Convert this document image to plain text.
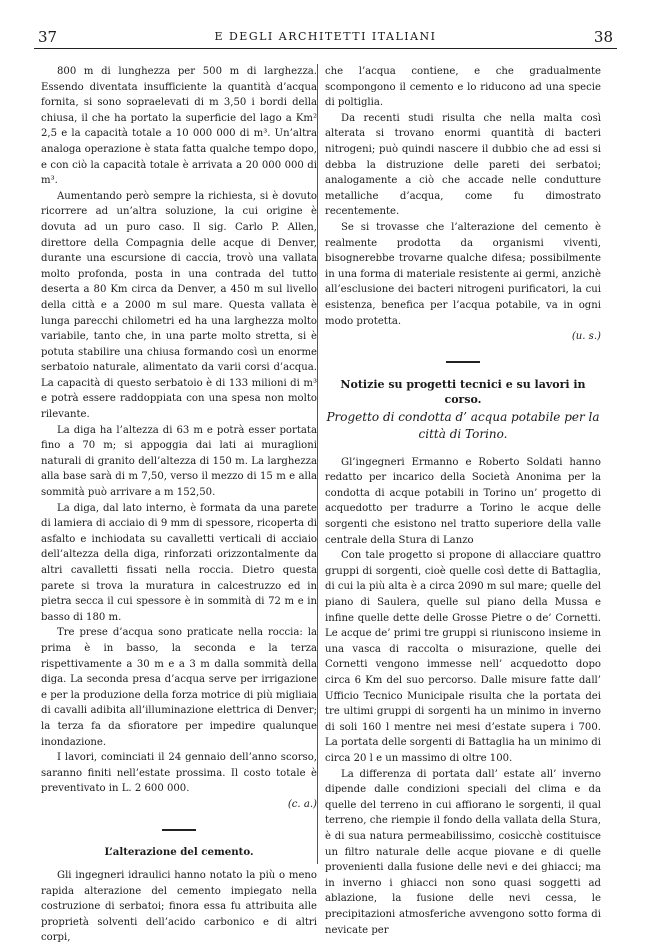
37	E DEGLI ARCHITETTI ITALIANI	38

800 m di lunghezza per 500 m di larghezza. Essendo diventata insufficiente la quantità d’acqua fornita, si sono sopraelevati di m 3,50 i bordi della chiusa, il che ha portato la superficie del lago a Km² 2,5 e la capacità totale a 10 000 000 di m³. Un’altra analoga operazione è stata fatta qualche tempo dopo, e con ciò la capacità totale è arrivata a 20 000 000 di m³.

Aumentando però sempre la richiesta, si è dovuto ricorrere ad un’altra soluzione, la cui origine è dovuta ad un puro caso. Il sig. Carlo P. Allen, direttore della Compagnia delle acque di Denver, durante una escursione di caccia, trovò una vallata molto profonda, posta in una contrada del tutto deserta a 80 Km circa da Denver, a 450 m sul livello della città e a 2000 m sul mare. Questa vallata è lunga parecchi chilometri ed ha una larghezza molto variabile, tanto che, in una parte molto stretta, si è potuta stabilire una chiusa formando così un enorme serbatoio naturale, alimentato da varii corsi d’acqua. La capacità di questo serbatoio è di 133 milioni di m³ e potrà essere raddoppiata con una spesa non molto rilevante.

La diga ha l’altezza di 63 m e potrà esser portata fino a 70 m; si appoggia dai lati ai muraglioni naturali di granito dell’altezza di 150 m. La larghezza alla base sarà di m 7,50, verso il mezzo di 15 m e alla sommità può arrivare a m 152,50.

La diga, dal lato interno, è formata da una parete di lamiera di acciaio di 9 mm di spessore, ricoperta di asfalto e inchiodata su cavalletti verticali di acciaio dell’altezza della diga, rinforzati orizzontalmente da altri cavalletti fissati nella roccia. Dietro questa parete si trova la muratura in calcestruzzo ed in pietra secca il cui spessore è in sommità di 72 m e in basso di 180 m.

Tre prese d’acqua sono praticate nella roccia: la prima è in basso, la seconda e la terza rispettivamente a 30 m e a 3 m dalla sommità della diga. La seconda presa d’acqua serve per irrigazione e per la produzione della forza motrice di più migliaia di cavalli adibita all’illuminazione elettrica di Denver; la terza fa da sfioratore per impedire qualunque inondazione.

I lavori, cominciati il 24 gennaio dell’anno scorso, saranno finiti nell’estate prossima. Il costo totale è preventivato in L. 2 600 000.

(c. a.)
L’alterazione del cemento.

Gli ingegneri idraulici hanno notato la più o meno rapida alterazione del cemento impiegato nella costruzione di serbatoi; finora essa fu attribuita alle proprietà solventi dell’acido carbonico e di altri corpi,

che l’acqua contiene, e che gradualmente scompongono il cemento e lo riducono ad una specie di poltiglia.

Da recenti studi risulta che nella malta così alterata si trovano enormi quantità di bacteri nitrogeni; può quindi nascere il dubbio che ad essi si debba la distruzione delle pareti dei serbatoi; analogamente a ciò che accade nelle condutture metalliche d’acqua, come fu dimostrato recentemente.

Se si trovasse che l’alterazione del cemento è realmente prodotta da organismi viventi, bisognerebbe trovarne qualche difesa; possibilmente in una forma di materiale resistente ai germi, anzichè all’esclusione dei bacteri nitrogeni purificatori, la cui esistenza, benefica per l’acqua potabile, va in ogni modo protetta.

(u. s.)
Notizie su progetti tecnici e su lavori in corso.
Progetto di condotta d’ acqua potabile per la città di Torino.

Gl’ingegneri Ermanno e Roberto Soldati hanno redatto per incarico della Società Anonima per la condotta di acque potabili in Torino un’ progetto di acquedotto per tradurre a Torino le acque delle sorgenti che esistono nel tratto superiore della valle centrale della Stura di Lanzo

Con tale progetto si propone di allacciare quattro gruppi di sorgenti, cioè quelle così dette di Battaglia, di cui la più alta è a circa 2090 m sul mare; quelle del piano di Saulera, quelle sul piano della Mussa e infine quelle dette delle Grosse Pietre o de’ Cornetti. Le acque de’ primi tre gruppi si riuniscono insieme in una vasca di raccolta o misurazione, quelle dei Cornetti vengono immesse nell’ acquedotto dopo circa 6 Km del suo percorso. Dalle misure fatte dall’ Ufficio Tecnico Municipale risulta che la portata dei tre ultimi gruppi di sorgenti ha un minimo in inverno di soli 160 l mentre nei mesi d’estate supera i 700. La portata delle sorgenti di Battaglia ha un minimo di circa 20 l e un massimo di oltre 100.

La differenza di portata dall’ estate all’ inverno dipende dalle condizioni speciali del clima e da quelle del terreno in cui affiorano le sorgenti, il qual terreno, che riempie il fondo della vallata della Stura, è di sua natura permeabilissimo, cosicchè costituisce un filtro naturale delle acque piovane e di quelle provenienti dalla fusione delle nevi e dei ghiacci; ma in inverno i ghiacci non sono quasi soggetti ad ablazione, la fusione delle nevi cessa, le precipitazioni atmosferiche avvengono sotto forma di nevicate per
